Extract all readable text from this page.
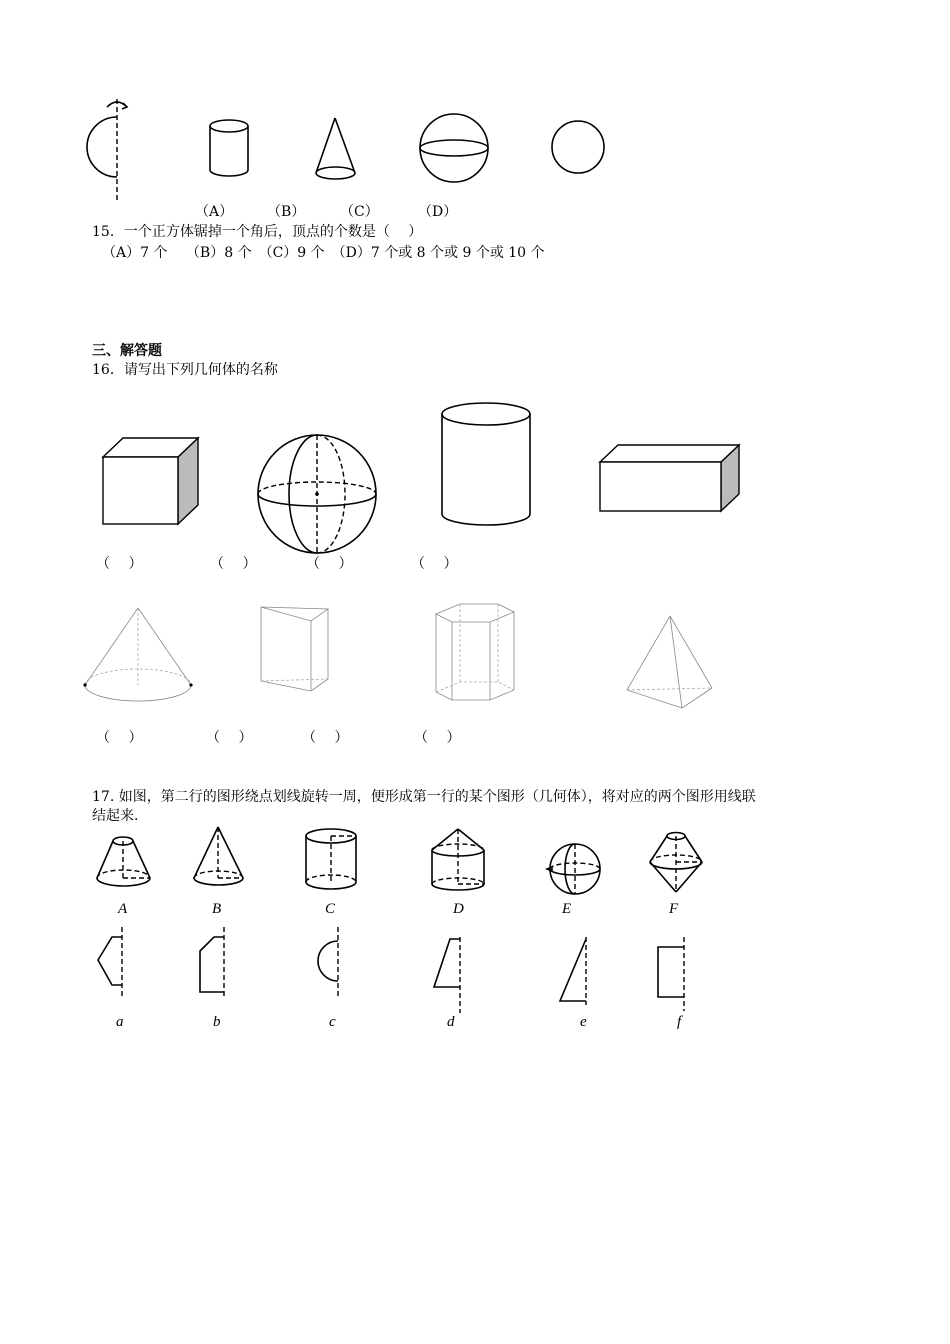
（A） （B） （C）	（D）
15．一个正方体锯掉一个角后，顶点的个数是（　 ）
（A）7 个　 （B）8 个　（C）9 个　（D）7 个或 8 个或 9 个或 10 个
三、解答题
16．请写出下列几何体的名称
（　 ）	（　 ）	（　 ）	（　 ）
（　 ）	（　 ）	（　 ）	（　 ）
17. 如图，第二行的图形绕点划线旋转一周，便形成第一行的某个图形（几何体），将对应的两个图形用线联
结起来.
A	B	C	D	E	F
a	b	c	d	e	f
